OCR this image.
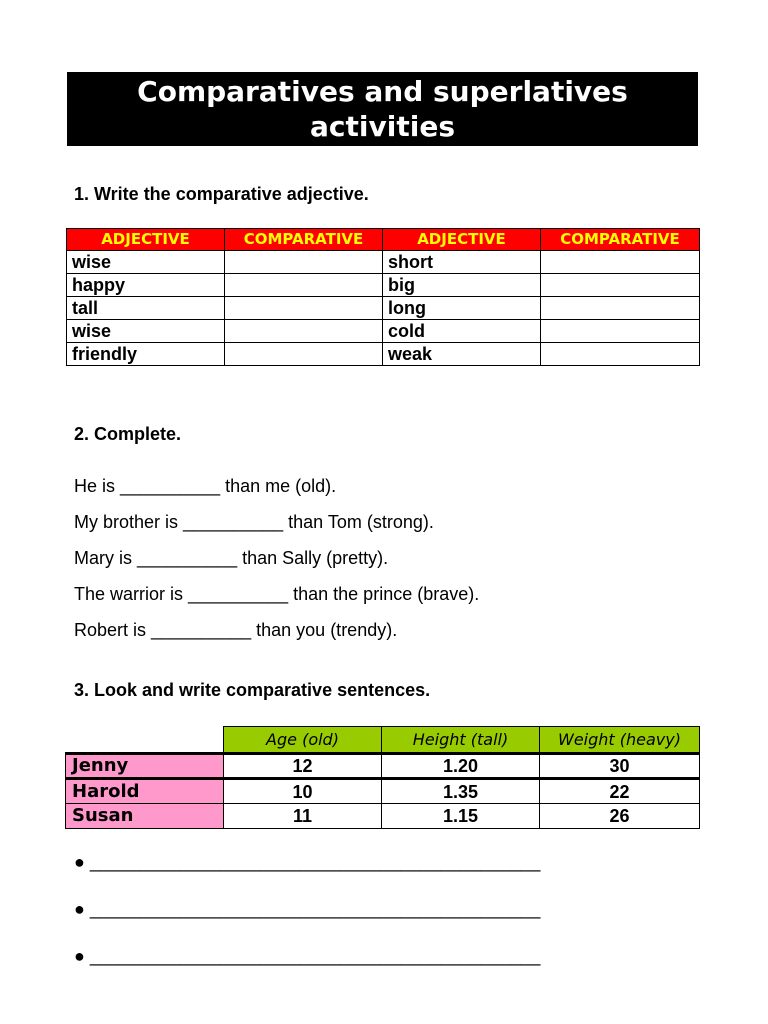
Comparatives and superlatives
activities
1. Write the comparative adjective.
ADJECTIVE	COMPARATIVE	ADJECTIVE	COMPARATIVE
wise		short	
happy		big	
tall		long	
wise		cold	
friendly		weak	
2. Complete.
He is __________ than me (old).
My brother is __________ than Tom (strong).
Mary is __________ than Sally (pretty).
The warrior is __________ than the prince (brave).
Robert is __________ than you (trendy).
3. Look and write comparative sentences.
	Age (old)	Height (tall)	Weight (heavy)
Jenny	12	1.20	30
Harold	10	1.35	22
Susan	11	1.15	26
● _____________________________________________
● _____________________________________________
● _____________________________________________
